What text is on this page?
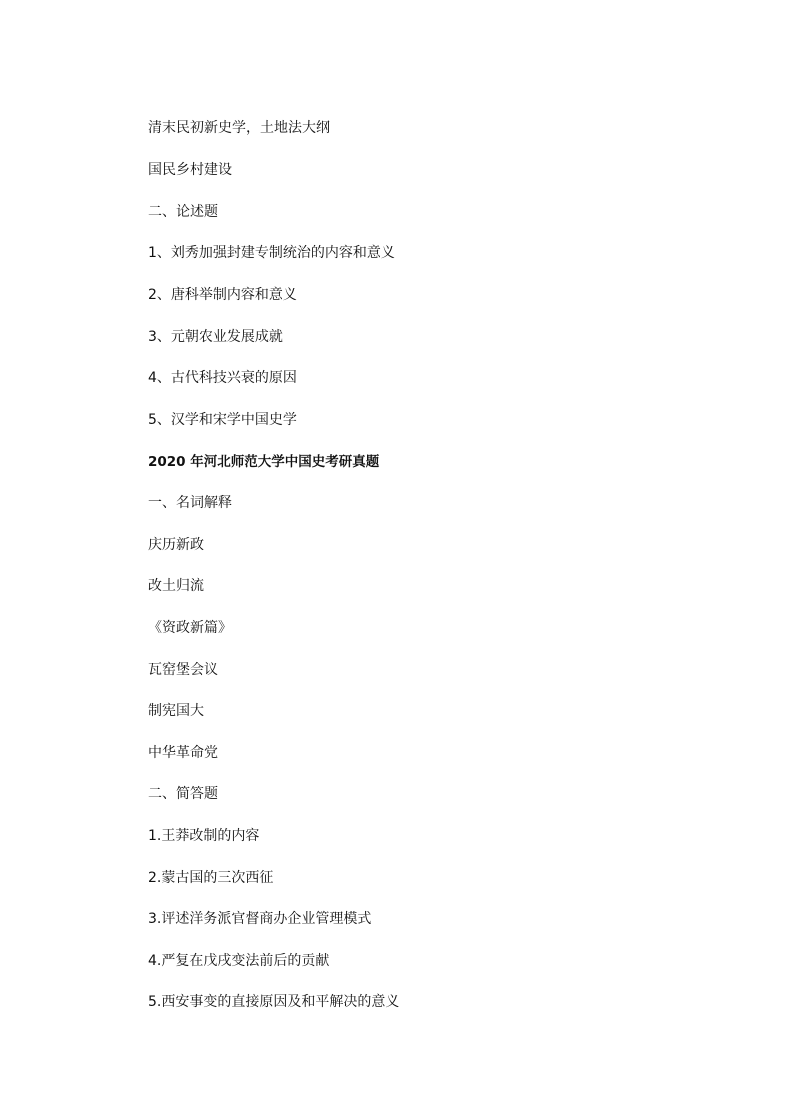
清末民初新史学，土地法大纲
国民乡村建设
二、论述题
1、刘秀加强封建专制统治的内容和意义
2、唐科举制内容和意义
3、元朝农业发展成就
4、古代科技兴衰的原因
5、汉学和宋学中国史学
2020 年河北师范大学中国史考研真题
一、名词解释
庆历新政
改土归流
《资政新篇》
瓦窑堡会议
制宪国大
中华革命党
二、简答题
1.王莽改制的内容
2.蒙古国的三次西征
3.评述洋务派官督商办企业管理模式
4.严复在戊戌变法前后的贡献
5.西安事变的直接原因及和平解决的意义
